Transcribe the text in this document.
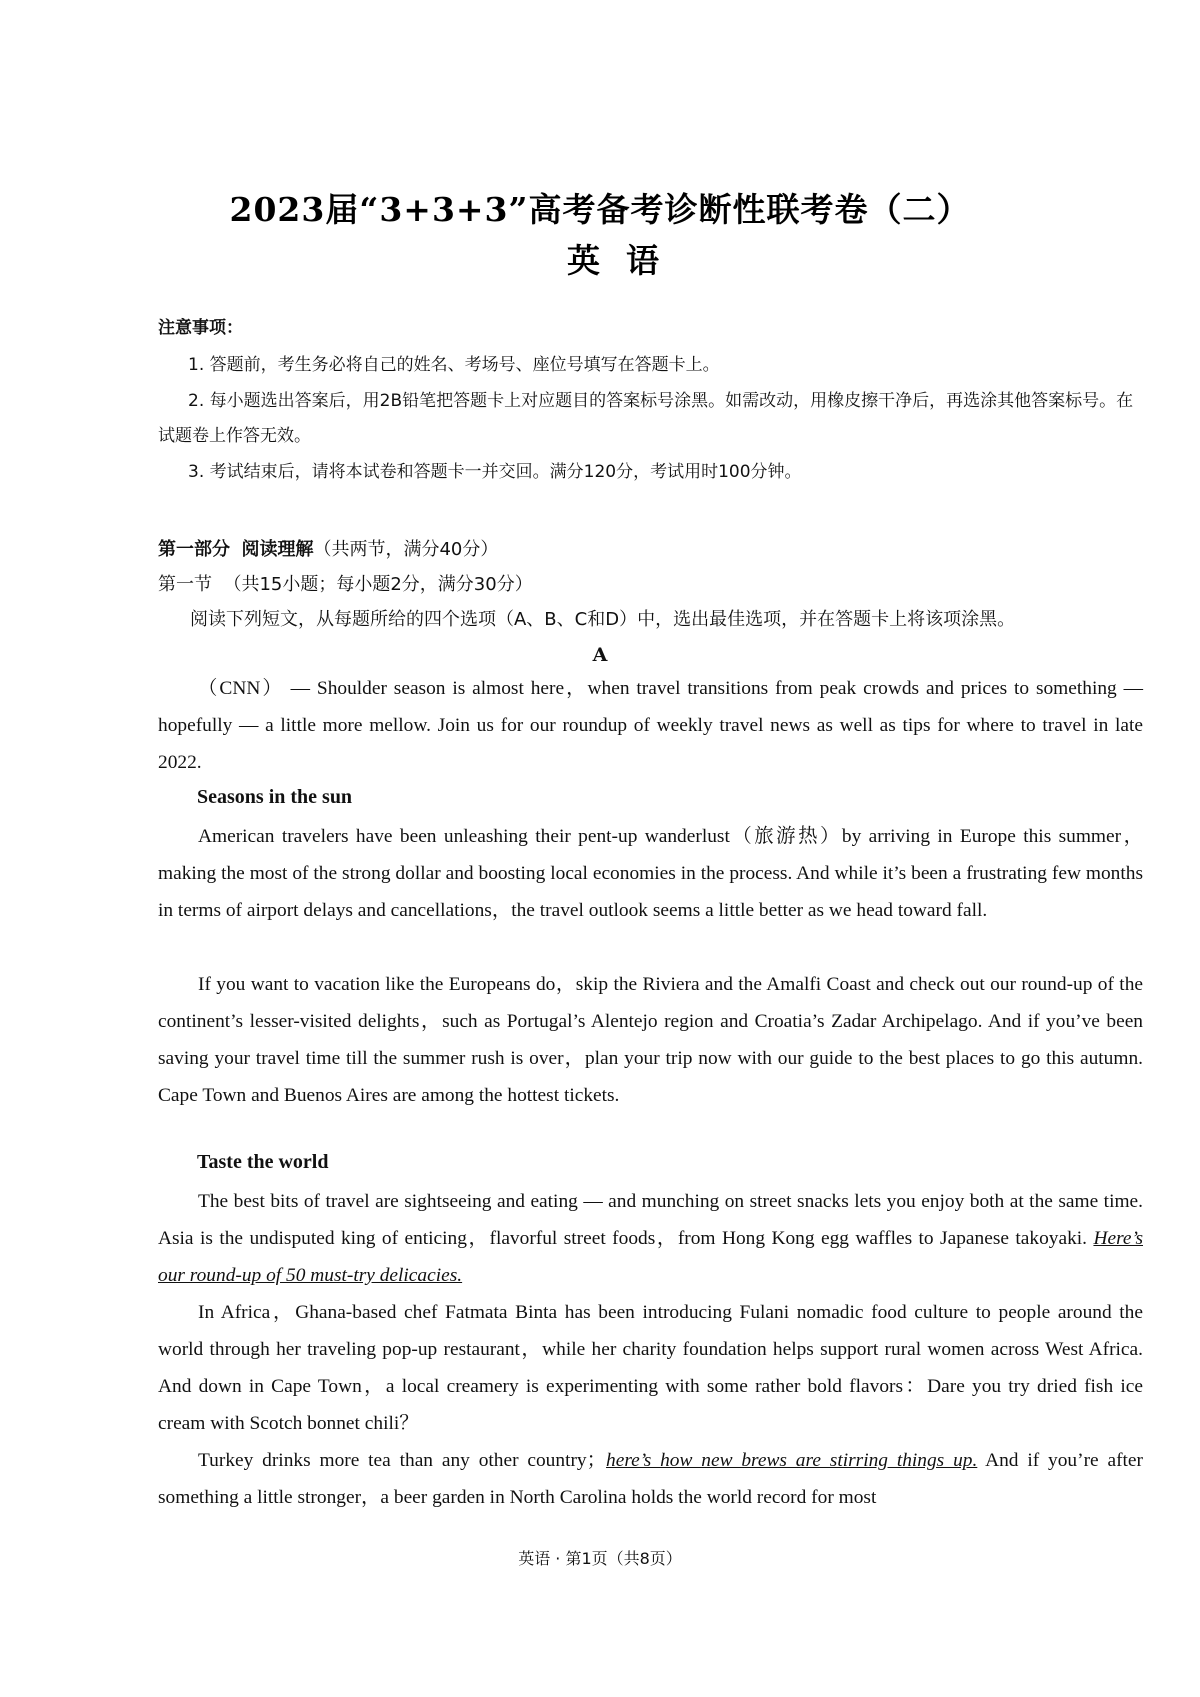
2023届“3+3+3”高考备考诊断性联考卷（二）
英语
注意事项：
1. 答题前，考生务必将自己的姓名、考场号、座位号填写在答题卡上。
2. 每小题选出答案后，用2B铅笔把答题卡上对应题目的答案标号涂黑。如需改动，用橡皮擦干净后，再选涂其他答案标号。在试题卷上作答无效。
3. 考试结束后，请将本试卷和答题卡一并交回。满分120分，考试用时100分钟。
第一部分 阅读理解（共两节，满分40分）
第一节 （共15小题；每小题2分，满分30分）
阅读下列短文，从每题所给的四个选项（A、B、C和D）中，选出最佳选项，并在答题卡上将该项涂黑。
A
（CNN） — Shoulder season is almost here，when travel transitions from peak crowds and prices to something — hopefully — a little more mellow. Join us for our roundup of weekly travel news as well as tips for where to travel in late 2022.
Seasons in the sun
American travelers have been unleashing their pent-up wanderlust（旅游热）by arriving in Europe this summer，making the most of the strong dollar and boosting local economies in the process. And while it’s been a frustrating few months in terms of airport delays and cancellations，the travel outlook seems a little better as we head toward fall.
If you want to vacation like the Europeans do，skip the Riviera and the Amalfi Coast and check out our round-up of the continent’s lesser-visited delights，such as Portugal’s Alentejo region and Croatia’s Zadar Archipelago. And if you’ve been saving your travel time till the summer rush is over，plan your trip now with our guide to the best places to go this autumn. Cape Town and Buenos Aires are among the hottest tickets.
Taste the world
The best bits of travel are sightseeing and eating — and munching on street snacks lets you enjoy both at the same time. Asia is the undisputed king of enticing，flavorful street foods，from Hong Kong egg waffles to Japanese takoyaki. Here’s our round-up of 50 must-try delicacies.
In Africa，Ghana-based chef Fatmata Binta has been introducing Fulani nomadic food culture to people around the world through her traveling pop-up restaurant，while her charity foundation helps support rural women across West Africa. And down in Cape Town，a local creamery is experimenting with some rather bold flavors：Dare you try dried fish ice cream with Scotch bonnet chili？
Turkey drinks more tea than any other country；here’s how new brews are stirring things up. And if you’re after something a little stronger，a beer garden in North Carolina holds the world record for most
英语 · 第1页（共8页）
